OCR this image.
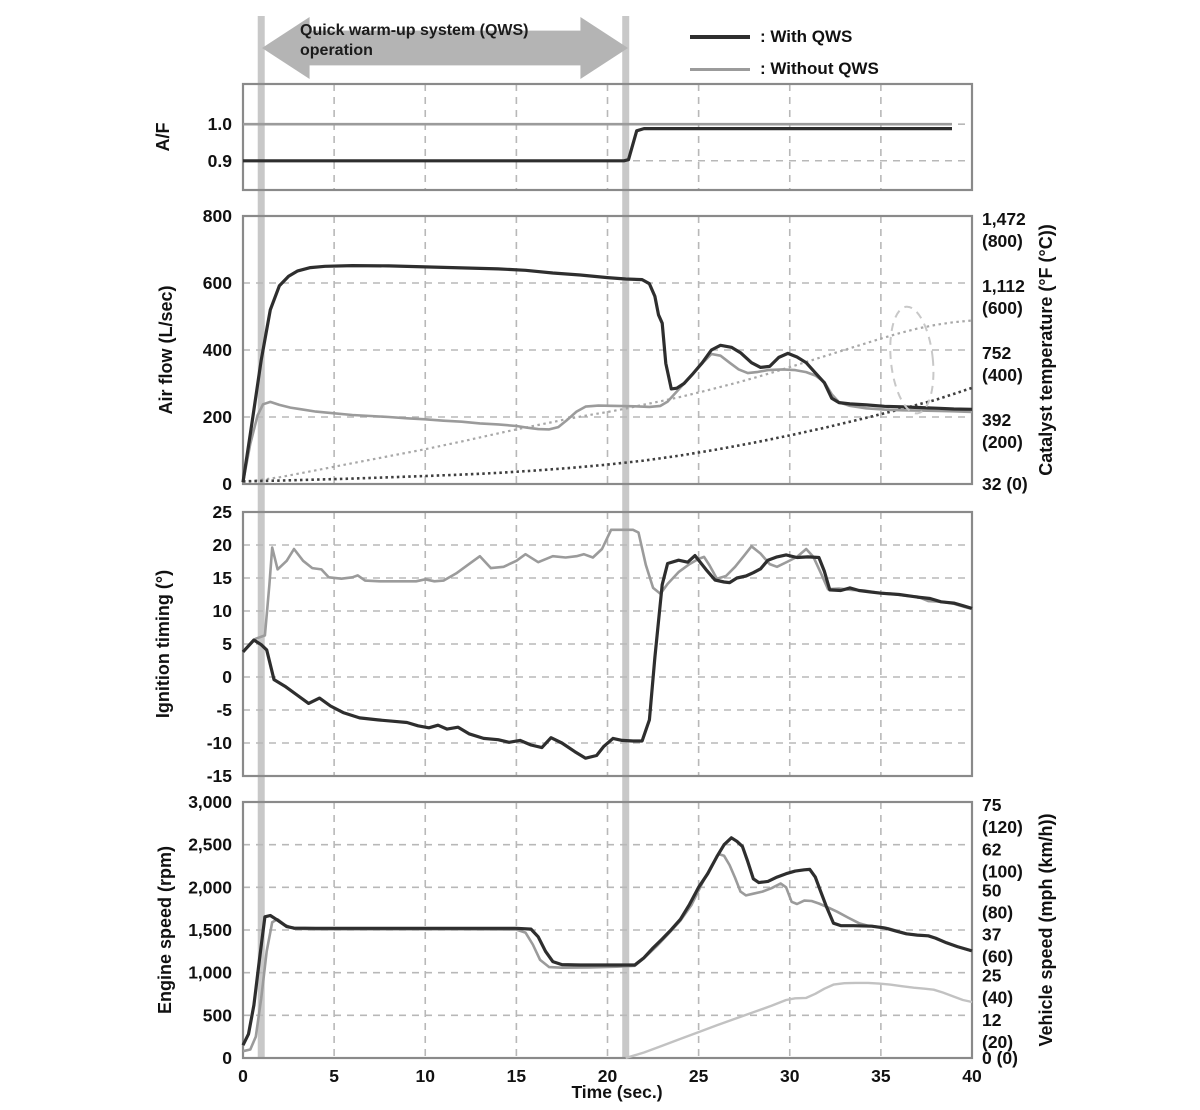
1.0
0.9
800
600
400
200
0
1,472
(800)
1,112
(600)
752
(400)
392
(200)
32 (0)
25
20
15
10
5
0
-5
-10
-15
3,000
2,500
2,000
1,500
1,000
500
0
75
(120)
62
(100)
50
(80)
37
(60)
25
(40)
12
(20)
0 (0)
0	5	10	15	20	25	30	35	40
Quick warm-up system (QWS)
operation
: With QWS
: Without QWS
A/F
Air flow (L/sec)
Ignition timing (°)
Engine speed (rpm)
Catalyst temperature (°F (°C))
Vehicle speed (mph (km/h))
Time (sec.)
